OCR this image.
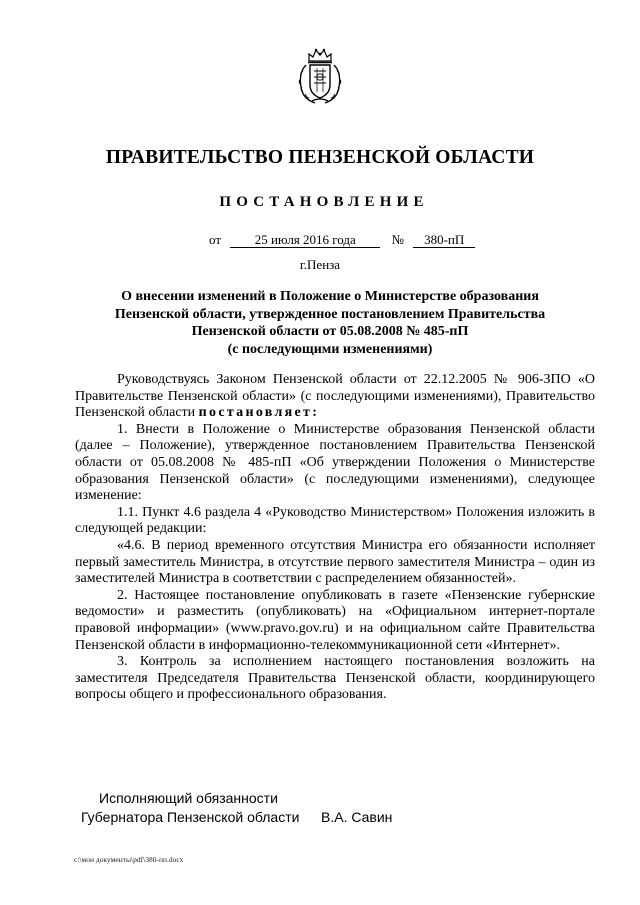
ПРАВИТЕЛЬСТВО ПЕНЗЕНСКОЙ ОБЛАСТИ
ПОСТАНОВЛЕНИЕ
от	25 июля 2016 года	№ 380-пП
г.Пенза
О внесении изменений в Положение о Министерстве образования
Пензенской области, утвержденное постановлением Правительства
Пензенской области от 05.08.2008 № 485-пП
(с последующими изменениями)

Руководствуясь Законом Пензенской области от 22.12.2005 № 906-ЗПО «О Правительстве Пензенской области» (с последующими изменениями), Правительство Пензенской области постановляет:

1. Внести в Положение о Министерстве образования Пензенской области (далее – Положение), утвержденное постановлением Правительства Пензенской области от 05.08.2008 № 485-пП «Об утверждении Положения о Министерстве образования Пензенской области» (с последующими изменениями), следующее изменение:

1.1. Пункт 4.6 раздела 4 «Руководство Министерством» Положения изложить в следующей редакции:

«4.6. В период временного отсутствия Министра его обязанности исполняет первый заместитель Министра, в отсутствие первого заместителя Министра – один из заместителей Министра в соответствии с распределением обязанностей».

2. Настоящее постановление опубликовать в газете «Пензенские губернские ведомости» и разместить (опубликовать) на «Официальном интернет-портале правовой информации» (www.pravo.gov.ru) и на официальном сайте Правительства Пензенской области в информационно-телекоммуникационной сети «Интернет».

3. Контроль за исполнением настоящего постановления возложить на заместителя Председателя Правительства Пензенской области, координирующего вопросы общего и профессионального образования.

Исполняющий обязанности
Губернатора Пензенской области В.А. Савин
c:\мои документы\pdf\380-пп.docx
